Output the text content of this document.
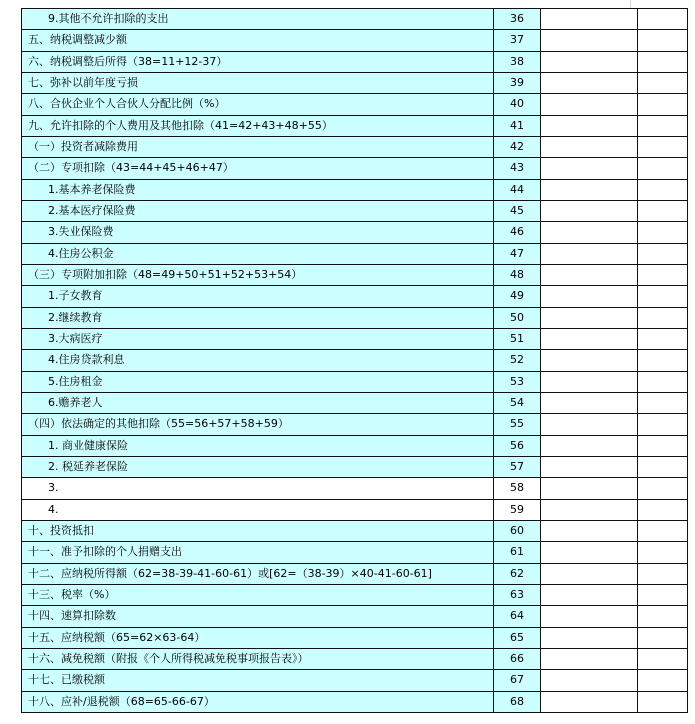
9.其他不允许扣除的支出	36		
五、纳税调整减少额	37		
六、纳税调整后所得（38=11+12-37）	38		
七、弥补以前年度亏损	39		
八、合伙企业个人合伙人分配比例（%）	40		
九、允许扣除的个人费用及其他扣除（41=42+43+48+55）	41		
（一）投资者减除费用	42		
（二）专项扣除（43=44+45+46+47）	43		
1.基本养老保险费	44		
2.基本医疗保险费	45		
3.失业保险费	46		
4.住房公积金	47		
（三）专项附加扣除（48=49+50+51+52+53+54）	48		
1.子女教育	49		
2.继续教育	50		
3.大病医疗	51		
4.住房贷款利息	52		
5.住房租金	53		
6.赡养老人	54		
（四）依法确定的其他扣除（55=56+57+58+59）	55		
1. 商业健康保险	56		
2. 税延养老保险	57		
3.	58		
4.	59		
十、投资抵扣	60		
十一、准予扣除的个人捐赠支出	61		
十二、应纳税所得额（62=38-39-41-60-61）或[62=（38-39）×40-41-60-61]	62		
十三、税率（%）	63		
十四、速算扣除数	64		
十五、应纳税额（65=62×63-64）	65		
十六、减免税额（附报《个人所得税减免税事项报告表》）	66		
十七、已缴税额	67		
十八、应补/退税额（68=65-66-67）	68		
